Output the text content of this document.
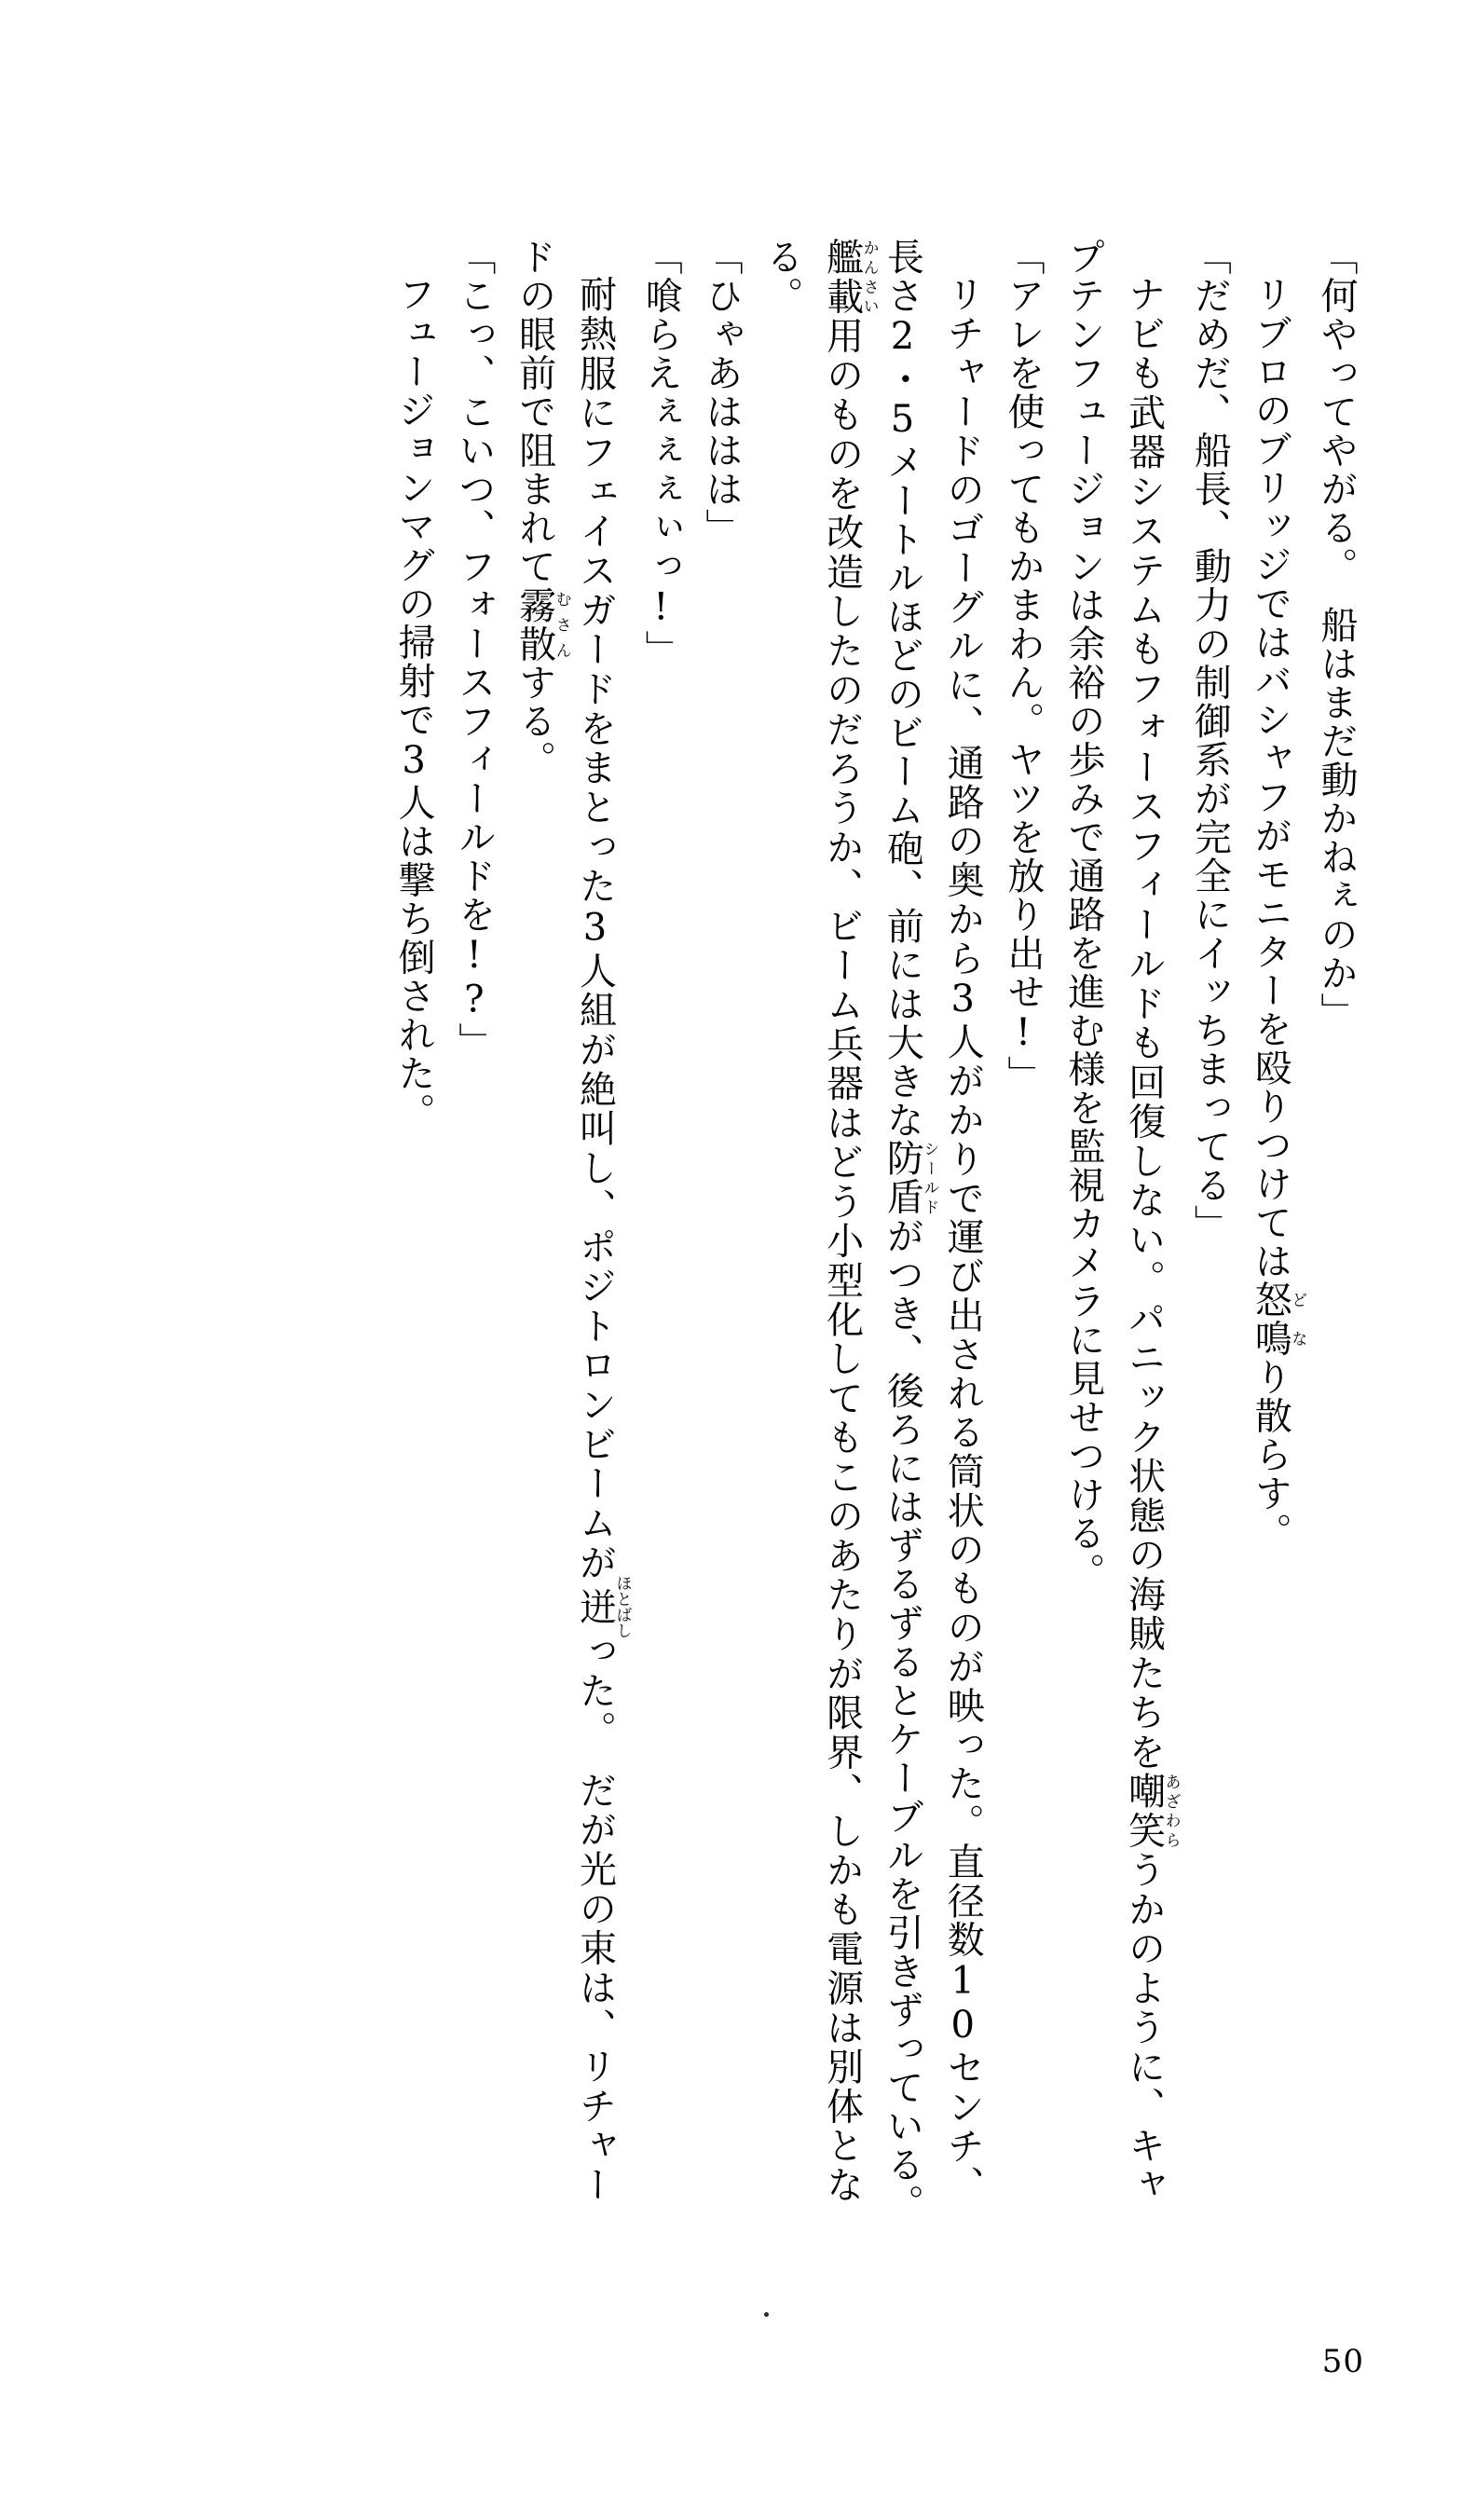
「何やってやがる。　船はまだ動かねぇのか」

リブロのブリッジではバシャフがモニターを殴りつけては怒鳴どなり散らす。

「だめだ、船長、動力の制御系が完全にイッちまってる」

ナビも武器システムもフォースフィールドも回復しない。パニック状態の海賊たちを嘲笑あざわらうかのように、キャプテンフュージョンは余裕の歩みで通路を進む様を監視カメラに見せつける。

「アレを使ってもかまわん。ヤツを放り出せ!」

リチャードのゴーグルに、通路の奥から3人がかりで運び出される筒状のものが映った。直径数10センチ、長さ2・5メートルほどのビーム砲、前には大きな防盾シールドがつき、後ろにはずるずるとケーブルを引きずっている。　艦載かんさい用のものを改造したのだろうか、ビーム兵器はどう小型化してもこのあたりが限界、しかも電源は別体となる。

「ひゃあははは」

「喰らえぇぇぇぃっ!」

耐熱服にフェイスガードをまとった3人組が絶叫し、ポジトロンビームが迸ほとばしった。　だが光の束は、リチャードの眼前で阻まれて霧散むさんする。

「こっ、こいつ、フォースフィールドを!?」

フュージョンマグの掃射で3人は撃ち倒された。

50
